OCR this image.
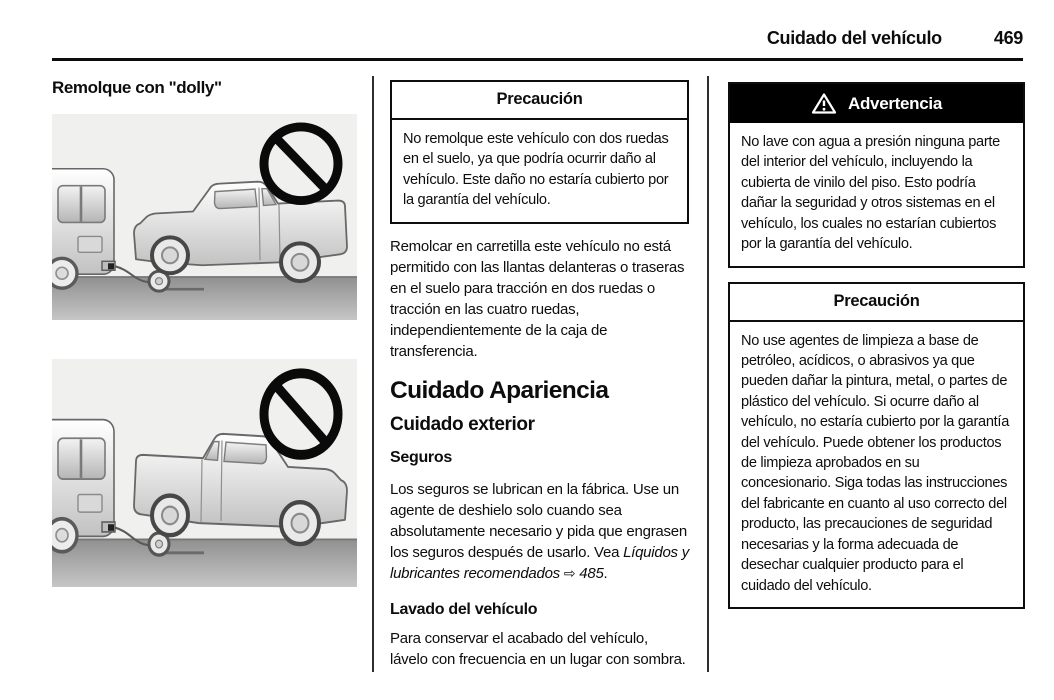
Cuidado del vehículo	469
Remolque con "dolly"
Precaución
No remolque este vehículo con dos ruedas en el suelo, ya que podría ocurrir daño al vehículo. Este daño no estaría cubierto por la garantía del vehículo.

Remolcar en carretilla este vehículo no está permitido con las llantas delanteras o traseras en el suelo para tracción en dos ruedas o tracción en las cuatro ruedas, independientemente de la caja de transferencia.

Cuidado Apariencia
Cuidado exterior
Seguros

Los seguros se lubrican en la fábrica. Use un agente de deshielo solo cuando sea absolutamente necesario y pida que engrasen los seguros después de usarlo. Vea Líquidos y lubricantes recomendados ⇨ 485.

Lavado del vehículo

Para conservar el acabado del vehículo, lávelo con frecuencia en un lugar con sombra.

Advertencia
No lave con agua a presión ninguna parte del interior del vehículo, incluyendo la cubierta de vinilo del piso. Esto podría dañar la seguridad y otros sistemas en el vehículo, los cuales no estarían cubiertos por la garantía del vehículo.
Precaución
No use agentes de limpieza a base de petróleo, acídicos, o abrasivos ya que pueden dañar la pintura, metal, o partes de plástico del vehículo. Si ocurre daño al vehículo, no estaría cubierto por la garantía del vehículo. Puede obtener los productos de limpieza aprobados en su concesionario. Siga todas las instrucciones del fabricante en cuanto al uso correcto del producto, las precauciones de seguridad necesarias y la forma adecuada de desechar cualquier producto para el cuidado del vehículo.
